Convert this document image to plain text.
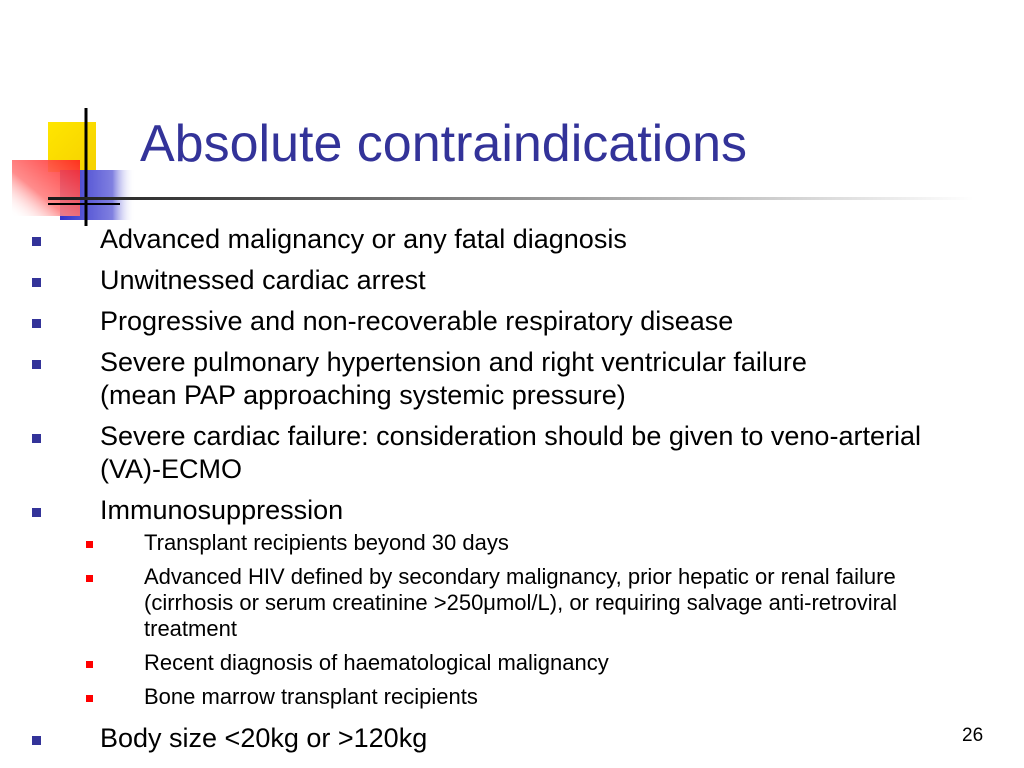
Absolute contraindications
Advanced malignancy or any fatal diagnosis
Unwitnessed cardiac arrest
Progressive and non-recoverable respiratory disease
Severe pulmonary hypertension and right ventricular failure (mean PAP approaching systemic pressure)
Severe cardiac failure: consideration should be given to veno-arterial (VA)-ECMO
Immunosuppression
Transplant recipients beyond 30 days
Advanced HIV defined by secondary malignancy, prior hepatic or renal failure (cirrhosis or serum creatinine >250μmol/L), or requiring salvage anti-retroviral treatment
Recent diagnosis of haematological malignancy
Bone marrow transplant recipients
Body size <20kg or >120kg	26
